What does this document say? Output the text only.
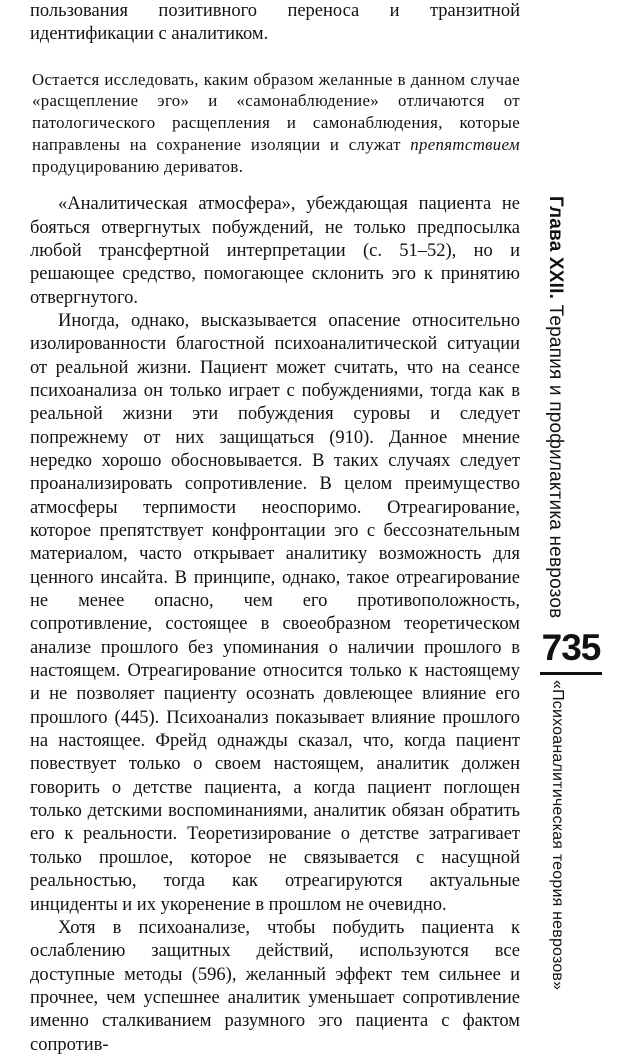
пользования позитивного переноса и транзитной идентификации с аналитиком.

Остается исследовать, каким образом желанные в данном случае «расщепление эго» и «самонаблюдение» отличаются от патологического расщепления и самонаблюдения, которые направлены на сохранение изоляции и служат препятствием продуцированию дериватов.

«Аналитическая атмосфера», убеждающая пациента не бояться отвергнутых побуждений, не только предпосылка любой трансфертной интерпретации (с. 51–52), но и решающее средство, помогающее склонить эго к принятию отвергнутого.

Иногда, однако, высказывается опасение относительно изолированности благостной психоаналитической ситуации от реальной жизни. Пациент может считать, что на сеансе психоанализа он только играет с побуждениями, тогда как в реальной жизни эти побуждения суровы и следует попрежнему от них защищаться (910). Данное мнение нередко хорошо обосновывается. В таких случаях следует проанализировать сопротивление. В целом преимущество атмосферы терпимости неоспоримо. Отреагирование, которое препятствует конфронтации эго с бессознательным материалом, часто открывает аналитику возможность для ценного инсайта. В принципе, однако, такое отреагирование не менее опасно, чем его противоположность, сопротивление, состоящее в своеобразном теоретическом анализе прошлого без упоминания о наличии прошлого в настоящем. Отреагирование относится только к настоящему и не позволяет пациенту осознать довлеющее влияние его прошлого (445). Психоанализ показывает влияние прошлого на настоящее. Фрейд однажды сказал, что, когда пациент повествует только о своем настоящем, аналитик должен говорить о детстве пациента, а когда пациент поглощен только детскими воспоминаниями, аналитик обязан обратить его к реальности. Теоретизирование о детстве затрагивает только прошлое, которое не связывается с насущной реальностью, тогда как отреагируются актуальные инциденты и их укоренение в прошлом не очевидно.

Хотя в психоанализе, чтобы побудить пациента к ослаблению защитных действий, используются все доступные методы (596), желанный эффект тем сильнее и прочнее, чем успешнее аналитик уменьшает сопротивление именно сталкиванием разумного эго пациента с фактом сопротив-

Глава XXII. Терапия и профилактика неврозов
735
«Психоаналитическая теория неврозов»
